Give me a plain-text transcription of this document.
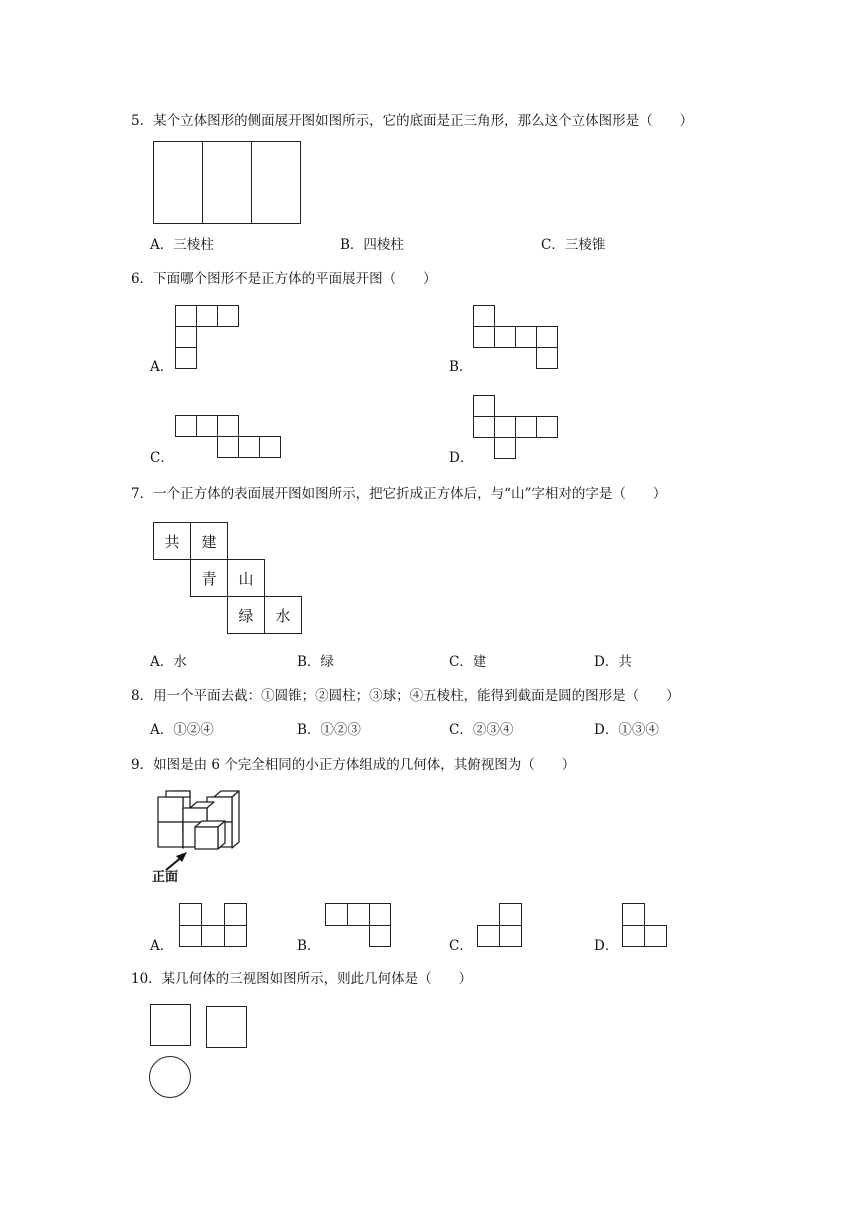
5．某个立体图形的侧面展开图如图所示，它的底面是正三角形，那么这个立体图形是（　　）
A．三棱柱	B．四棱柱	C．三棱锥
6．下面哪个图形不是正方体的平面展开图（　　）
A．	B．
C．	D．
7．一个正方体的表面展开图如图所示，把它折成正方体后，与“山”字相对的字是（　　）
共	建
青	山
绿	水
A．水	B．绿	C．建	D．共
8．用一个平面去截：①圆锥；②圆柱；③球；④五棱柱，能得到截面是圆的图形是（　　）
A．①②④	B．①②③	C．②③④	D．①③④
9．如图是由 6 个完全相同的小正方体组成的几何体，其俯视图为（　　）
正面
A．	B．	C．	D．
10．某几何体的三视图如图所示，则此几何体是（　　）
